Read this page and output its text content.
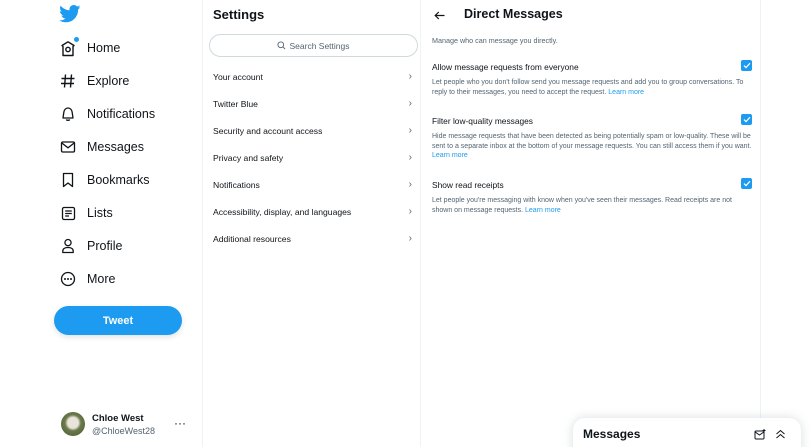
Home
Explore
Notifications
Messages
Bookmarks
Lists
Profile
More
Tweet
Chloe West
@ChloeWest28
···
Settings
Search Settings
Your account	›
Twitter Blue	›
Security and account access	›
Privacy and safety	›
Notifications	›
Accessibility, display, and languages	›
Additional resources	›
Direct Messages
Manage who can message you directly.
Allow message requests from everyone
Let people who you don't follow send you message requests and add you to group conversations. To reply to their messages, you need to accept the request. Learn more
Filter low-quality messages
Hide message requests that have been detected as being potentially spam or low-quality. These will be sent to a separate inbox at the bottom of your message requests. You can still access them if you want. Learn more
Show read receipts
Let people you're messaging with know when you've seen their messages. Read receipts are not shown on message requests. Learn more
Messages
